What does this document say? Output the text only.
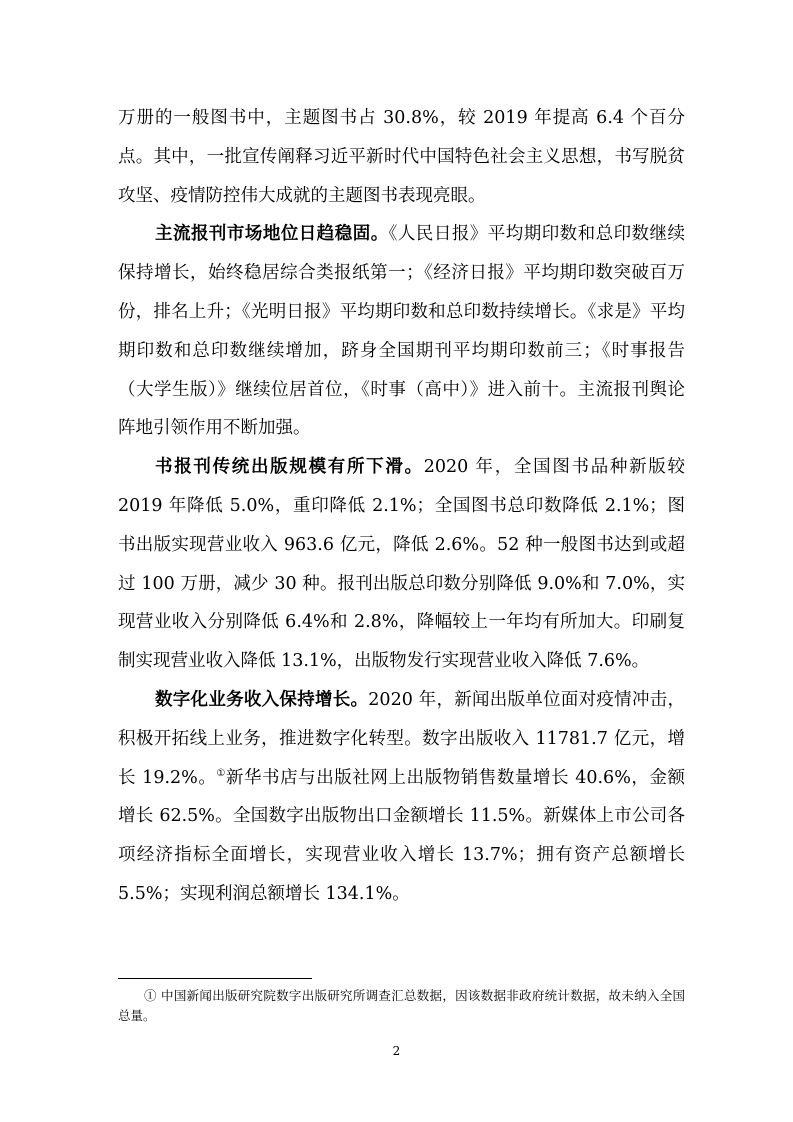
万册的一般图书中，主题图书占 30.8%，较 2019 年提高 6.4 个百分点。其中，一批宣传阐释习近平新时代中国特色社会主义思想，书写脱贫攻坚、疫情防控伟大成就的主题图书表现亮眼。

主流报刊市场地位日趋稳固。《人民日报》平均期印数和总印数继续保持增长，始终稳居综合类报纸第一；《经济日报》平均期印数突破百万份，排名上升；《光明日报》平均期印数和总印数持续增长。《求是》平均期印数和总印数继续增加，跻身全国期刊平均期印数前三；《时事报告（大学生版）》继续位居首位，《时事（高中）》进入前十。主流报刊舆论阵地引领作用不断加强。

书报刊传统出版规模有所下滑。2020 年，全国图书品种新版较 2019 年降低 5.0%，重印降低 2.1%；全国图书总印数降低 2.1%；图书出版实现营业收入 963.6 亿元，降低 2.6%。52 种一般图书达到或超过 100 万册，减少 30 种。报刊出版总印数分别降低 9.0%和 7.0%，实现营业收入分别降低 6.4%和 2.8%，降幅较上一年均有所加大。印刷复制实现营业收入降低 13.1%，出版物发行实现营业收入降低 7.6%。

数字化业务收入保持增长。2020 年，新闻出版单位面对疫情冲击，积极开拓线上业务，推进数字化转型。数字出版收入 11781.7 亿元，增长 19.2%。①新华书店与出版社网上出版物销售数量增长 40.6%，金额增长 62.5%。全国数字出版物出口金额增长 11.5%。新媒体上市公司各项经济指标全面增长，实现营业收入增长 13.7%；拥有资产总额增长 5.5%；实现利润总额增长 134.1%。

① 中国新闻出版研究院数字出版研究所调查汇总数据，因该数据非政府统计数据，故未纳入全国总量。

2
